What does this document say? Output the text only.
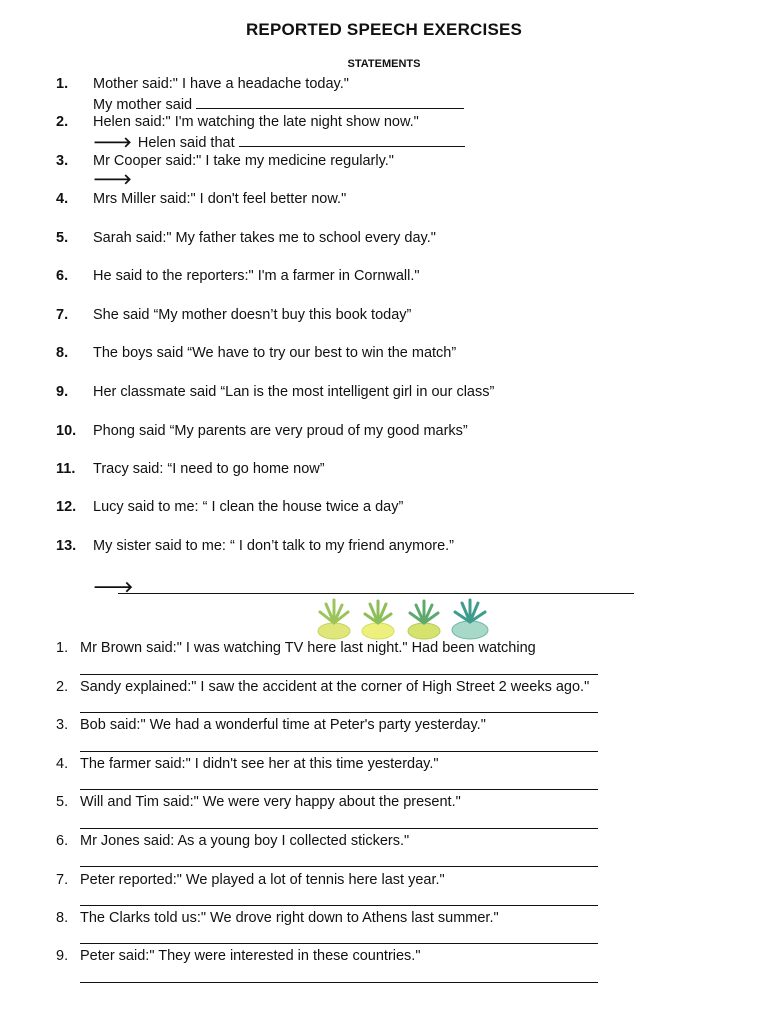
REPORTED SPEECH EXERCISES
STATEMENTS
1.	Mother said:" I have a headache today."
My mother said
2.	Helen said:" I'm watching the late night show now."
🡒 Helen said that
3.	Mr Cooper said:" I take my medicine regularly."
🡒
4.	Mrs Miller said:" I don't feel better now."
5.	Sarah said:" My father takes me to school every day."
6.	He said to the reporters:" I'm a farmer in Cornwall."
7.	She said “My mother doesn’t buy this book today”
8.	The boys said “We have to try our best to win the match”
9.	Her classmate said “Lan is the most intelligent girl in our class”
10.	Phong said “My parents are very proud of my good marks”
11.	Tracy said: “I need to go home now”
12.	Lucy said to me: “ I clean the house twice a day”
13.	My sister said to me: “ I don’t talk to my friend anymore.”
🡒
1. Mr Brown said:" I was watching TV here last night." Had been watching
2. Sandy explained:" I saw the accident at the corner of High Street 2 weeks ago."
3. Bob said:" We had a wonderful time at Peter's party yesterday."
4. The farmer said:" I didn't see her at this time yesterday."
5. Will and Tim said:" We were very happy about the present."
6. Mr Jones said: As a young boy I collected stickers."
7. Peter reported:" We played a lot of tennis here last year."
8. The Clarks told us:" We drove right down to Athens last summer."
9. Peter said:" They were interested in these countries."
